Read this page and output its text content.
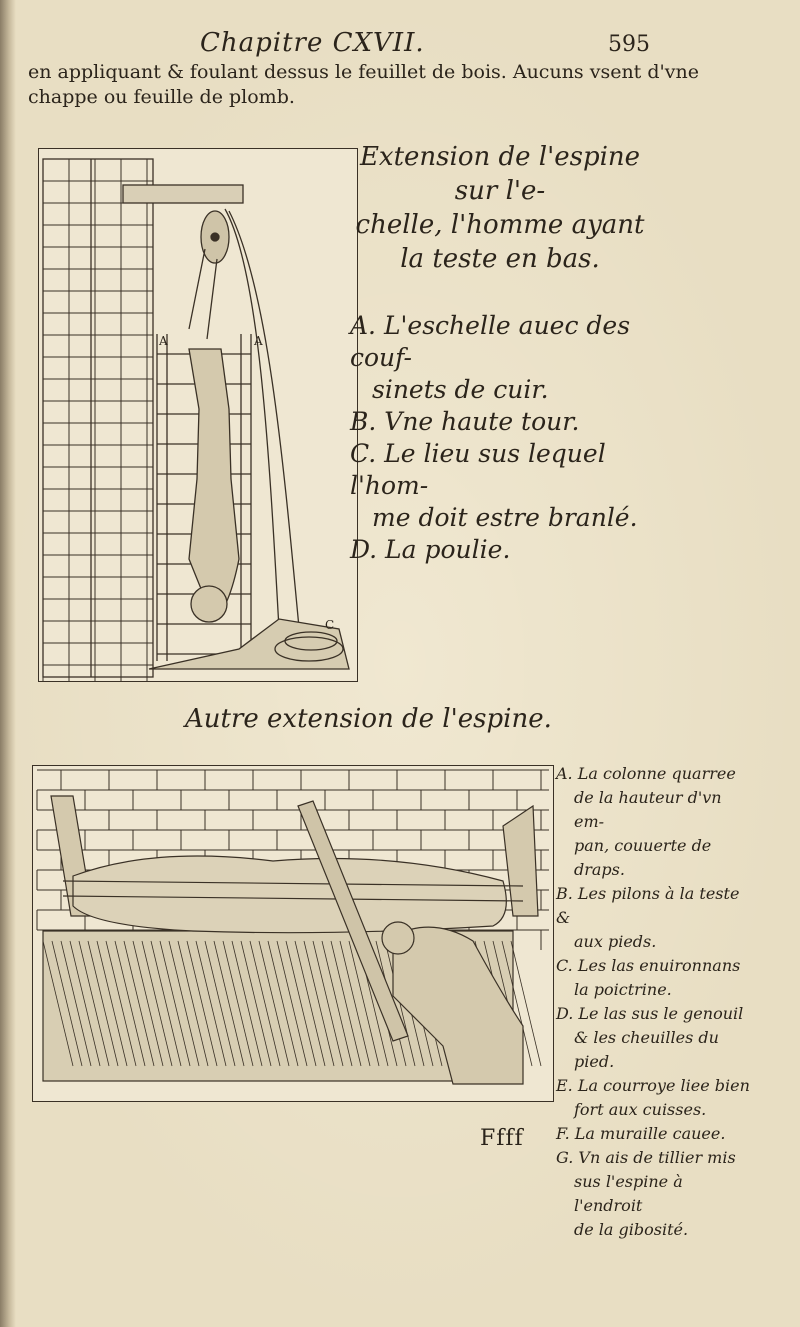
Chapitre CXVII.	595
en appliquant & foulant dessus le feuillet de bois. Aucuns vsent d'vne
chappe ou feuille de plomb.
A	A
C
Extension de l'espine sur l'e-
chelle, l'homme ayant
la teste en bas.
A. L'eschelle auec des couf-
sinets de cuir.
B. Vne haute tour.
C. Le lieu sus lequel l'hom-
me doit estre branlé.
D. La poulie.
Autre extension de l'espine.
A. La colonne quarree
de la hauteur d'vn em-
pan, couuerte de draps.
B. Les pilons à la teste &
aux pieds.
C. Les las enuironnans
la poictrine.
D. Le las sus le genouil
& les cheuilles du pied.
E. La courroye liee bien
fort aux cuisses.
F. La muraille cauee.
G. Vn ais de tillier mis
sus l'espine à l'endroit
de la gibosité.
Ffff
